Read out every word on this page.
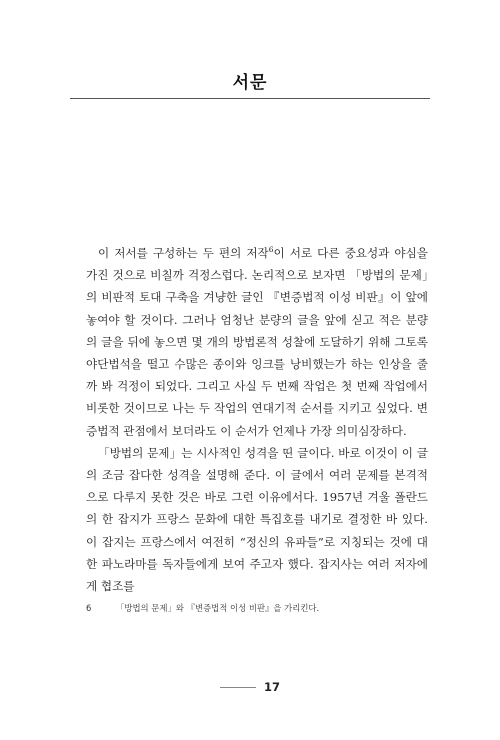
서문

이 저서를 구성하는 두 편의 저작$^6$이 서로 다른 중요성과 야심을 가진 것으로 비칠까 걱정스럽다. 논리적으로 보자면 「방법의 문제」의 비판적 토대 구축을 겨냥한 글인 『변증법적 이성 비판』이 앞에 놓여야 할 것이다. 그러나 엄청난 분량의 글을 앞에 싣고 적은 분량의 글을 뒤에 놓으면 몇 개의 방법론적 성찰에 도달하기 위해 그토록 야단법석을 떨고 수많은 종이와 잉크를 낭비했는가 하는 인상을 줄까 봐 걱정이 되었다. 그리고 사실 두 번째 작업은 첫 번째 작업에서 비롯한 것이므로 나는 두 작업의 연대기적 순서를 지키고 싶었다. 변증법적 관점에서 보더라도 이 순서가 언제나 가장 의미심장하다.

「방법의 문제」는 시사적인 성격을 띤 글이다. 바로 이것이 이 글의 조금 잡다한 성격을 설명해 준다. 이 글에서 여러 문제를 본격적으로 다루지 못한 것은 바로 그런 이유에서다. 1957년 겨울 폴란드의 한 잡지가 프랑스 문화에 대한 특집호를 내기로 결정한 바 있다. 이 잡지는 프랑스에서 여전히 “정신의 유파들”로 지칭되는 것에 대한 파노라마를 독자들에게 보여 주고자 했다. 잡지사는 여러 저자에게 협조를

6	「방법의 문제」와 『변증법적 이성 비판』을 가리킨다.
17
